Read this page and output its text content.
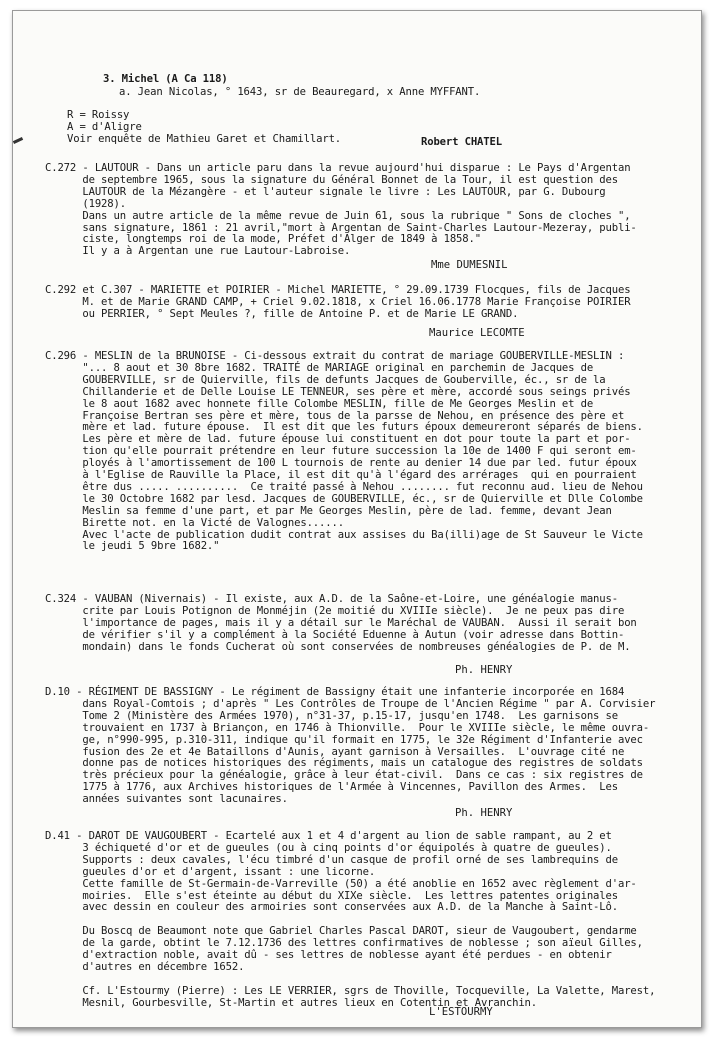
3. Michel (A Ca 118)
a. Jean Nicolas, ° 1643, sr de Beauregard, x Anne MYFFANT.
R = Roissy
A = d'Aligre
Voir enquête de Mathieu Garet et Chamillart.	Robert CHATEL
C.272 - LAUTOUR - Dans un article paru dans la revue aujourd'hui disparue : Le Pays d'Argentan
de septembre 1965, sous la signature du Général Bonnet de la Tour, il est question des
LAUTOUR de la Mézangère - et l'auteur signale le livre : Les LAUTOUR, par G. Dubourg
(1928).
Dans un autre article de la même revue de Juin 61, sous la rubrique " Sons de cloches ",
sans signature, 1861 : 21 avril,"mort à Argentan de Saint-Charles Lautour-Mezeray, publi-
ciste, longtemps roi de la mode, Préfet d'Alger de 1849 à 1858."
Il y a à Argentan une rue Lautour-Labroise.
Mme DUMESNIL
C.292 et C.307 - MARIETTE et POIRIER - Michel MARIETTE, ° 29.09.1739 Flocques, fils de Jacques
M. et de Marie GRAND CAMP, + Criel 9.02.1818, x Criel 16.06.1778 Marie Françoise POIRIER
ou PERRIER, ° Sept Meules ?, fille de Antoine P. et de Marie LE GRAND.
Maurice LECOMTE
C.296 - MESLIN de la BRUNOISE - Ci-dessous extrait du contrat de mariage GOUBERVILLE-MESLIN :
"... 8 aout et 30 8bre 1682. TRAITÉ de MARIAGE original en parchemin de Jacques de
GOUBERVILLE, sr de Quierville, fils de defunts Jacques de Gouberville, éc., sr de la
Chillanderie et de Delle Louise LE TENNEUR, ses père et mère, accordé sous seings privés
le 8 aout 1682 avec honnete fille Colombe MESLIN, fille de Me Georges Meslin et de
Françoise Bertran ses père et mère, tous de la parsse de Nehou, en présence des père et
mère et lad. future épouse.  Il est dit que les futurs époux demeureront séparés de biens.
Les père et mère de lad. future épouse lui constituent en dot pour toute la part et por-
tion qu'elle pourrait prétendre en leur future succession la 10e de 1400 F qui seront em-
ployés à l'amortissement de 100 L tournois de rente au denier 14 due par led. futur époux
à l'Eglise de Rauville la Place, il est dit qu'à l'égard des arrérages  qui en pourraient
être dus ..... ..........  Ce traité passé à Nehou ........ fut reconnu aud. lieu de Nehou
le 30 Octobre 1682 par lesd. Jacques de GOUBERVILLE, éc., sr de Quierville et Dlle Colombe
Meslin sa femme d'une part, et par Me Georges Meslin, père de lad. femme, devant Jean
Birette not. en la Victé de Valognes......
Avec l'acte de publication dudit contrat aux assises du Ba(illi)age de St Sauveur le Victe
le jeudi 5 9bre 1682."
C.324 - VAUBAN (Nivernais) - Il existe, aux A.D. de la Saône-et-Loire, une généalogie manus-
crite par Louis Potignon de Monméjin (2e moitié du XVIIIe siècle).  Je ne peux pas dire
l'importance de pages, mais il y a détail sur le Maréchal de VAUBAN.  Aussi il serait bon
de vérifier s'il y a complément à la Société Eduenne à Autun (voir adresse dans Bottin-
mondain) dans le fonds Cucherat où sont conservées de nombreuses généalogies de P. de M.
Ph. HENRY
D.10 - RÉGIMENT DE BASSIGNY - Le régiment de Bassigny était une infanterie incorporée en 1684
dans Royal-Comtois ; d'après " Les Contrôles de Troupe de l'Ancien Régime " par A. Corvisier
Tome 2 (Ministère des Armées 1970), n°31-37, p.15-17, jusqu'en 1748.  Les garnisons se
trouvaient en 1737 à Briançon, en 1746 à Thionville.  Pour le XVIIIe siècle, le même ouvra-
ge, n°990-995, p.310-311, indique qu'il formait en 1775, le 32e Régiment d'Infanterie avec
fusion des 2e et 4e Bataillons d'Aunis, ayant garnison à Versailles.  L'ouvrage cité ne
donne pas de notices historiques des régiments, mais un catalogue des registres de soldats
très précieux pour la généalogie, grâce à leur état-civil.  Dans ce cas : six registres de
1775 à 1776, aux Archives historiques de l'Armée à Vincennes, Pavillon des Armes.  Les
années suivantes sont lacunaires.
Ph. HENRY
D.41 - DAROT DE VAUGOUBERT - Ecartelé aux 1 et 4 d'argent au lion de sable rampant, au 2 et
3 échiqueté d'or et de gueules (ou à cinq points d'or équipolés à quatre de gueules).
Supports : deux cavales, l'écu timbré d'un casque de profil orné de ses lambrequins de
gueules d'or et d'argent, issant : une licorne.
Cette famille de St-Germain-de-Varreville (50) a été anoblie en 1652 avec règlement d'ar-
moiries.  Elle s'est éteinte au début du XIXe siècle.  Les lettres patentes originales
avec dessin en couleur des armoiries sont conservées aux A.D. de la Manche à Saint-Lô.
Du Boscq de Beaumont note que Gabriel Charles Pascal DAROT, sieur de Vaugoubert, gendarme
de la garde, obtint le 7.12.1736 des lettres confirmatives de noblesse ; son aïeul Gilles,
d'extraction noble, avait dû - ses lettres de noblesse ayant été perdues - en obtenir
d'autres en décembre 1652.
Cf. L'Estourmy (Pierre) : Les LE VERRIER, sgrs de Thoville, Tocqueville, La Valette, Marest,
Mesnil, Gourbesville, St-Martin et autres lieux en Cotentin et Avranchin.
L'ESTOURMY
